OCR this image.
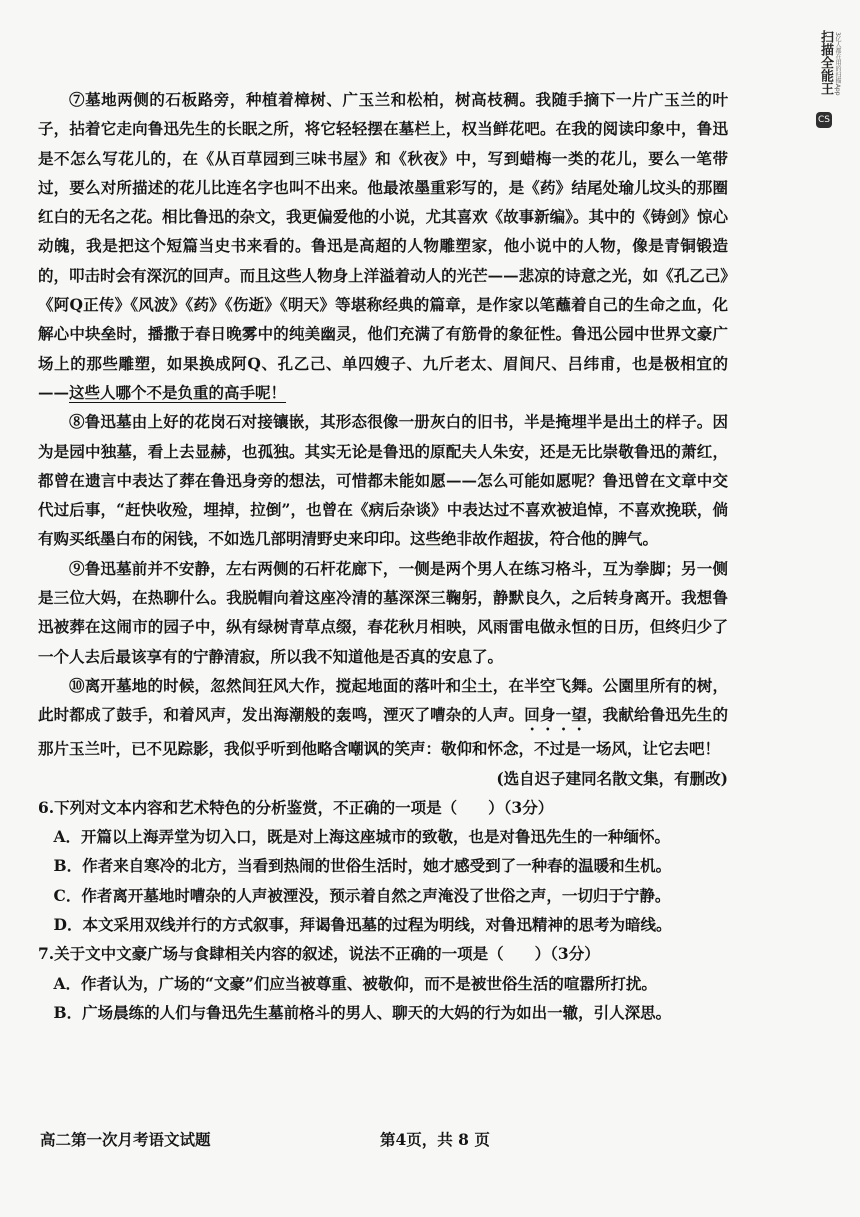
扫描全能王 3亿人都在用的扫描App
CS

⑦墓地两侧的石板路旁，种植着樟树、广玉兰和松柏，树高枝稠。我随手摘下一片广玉兰的叶子，拈着它走向鲁迅先生的长眠之所，将它轻轻摆在墓栏上，权当鲜花吧。在我的阅读印象中，鲁迅是不怎么写花儿的，在《从百草园到三味书屋》和《秋夜》中，写到蜡梅一类的花儿，要么一笔带过，要么对所描述的花儿比连名字也叫不出来。他最浓墨重彩写的，是《药》结尾处瑜儿坟头的那圈红白的无名之花。相比鲁迅的杂文，我更偏爱他的小说，尤其喜欢《故事新编》。其中的《铸剑》惊心动魄，我是把这个短篇当史书来看的。鲁迅是高超的人物雕塑家，他小说中的人物，像是青铜锻造的，叩击时会有深沉的回声。而且这些人物身上洋溢着动人的光芒——悲凉的诗意之光，如《孔乙己》《阿Q正传》《风波》《药》《伤逝》《明天》等堪称经典的篇章，是作家以笔蘸着自己的生命之血，化解心中块垒时，播撒于春日晚雾中的纯美幽灵，他们充满了有筋骨的象征性。鲁迅公园中世界文豪广场上的那些雕塑，如果换成阿Q、孔乙己、单四嫂子、九斤老太、眉间尺、吕纬甫，也是极相宜的——这些人哪个不是负重的高手呢！

⑧鲁迅墓由上好的花岗石对接镶嵌，其形态很像一册灰白的旧书，半是掩埋半是出土的样子。因为是园中独墓，看上去显赫，也孤独。其实无论是鲁迅的原配夫人朱安，还是无比崇敬鲁迅的萧红，都曾在遗言中表达了葬在鲁迅身旁的想法，可惜都未能如愿——怎么可能如愿呢？鲁迅曾在文章中交代过后事，“赶快收殓，埋掉，拉倒”，也曾在《病后杂谈》中表达过不喜欢被追悼，不喜欢挽联，倘有购买纸墨白布的闲钱，不如选几部明清野史来印印。这些绝非故作超拔，符合他的脾气。

⑨鲁迅墓前并不安静，左右两侧的石杆花廊下，一侧是两个男人在练习格斗，互为拳脚；另一侧是三位大妈，在热聊什么。我脱帽向着这座冷清的墓深深三鞠躬，静默良久，之后转身离开。我想鲁迅被葬在这闹市的园子中，纵有绿树青草点缀，春花秋月相映，风雨雷电做永恒的日历，但终归少了一个人去后最该享有的宁静清寂，所以我不知道他是否真的安息了。

⑩离开墓地的时候，忽然间狂风大作，搅起地面的落叶和尘土，在半空飞舞。公園里所有的树，此时都成了鼓手，和着风声，发出海潮般的轰鸣，湮灭了嘈杂的人声。回身一望，我献给鲁迅先生的那片玉兰叶，已不见踪影，我似乎听到他略含嘲讽的笑声：敬仰和怀念，不过是一场风，让它去吧！

(选自迟子建同名散文集，有删改)

6.下列对文本内容和艺术特色的分析鉴赏，不正确的一项是（　　）（3分）

A．开篇以上海弄堂为切入口，既是对上海这座城市的致敬，也是对鲁迅先生的一种缅怀。

B．作者来自寒冷的北方，当看到热闹的世俗生活时，她才感受到了一种春的温暖和生机。

C．作者离开墓地时嘈杂的人声被湮没，预示着自然之声淹没了世俗之声，一切归于宁静。

D．本文采用双线并行的方式叙事，拜谒鲁迅墓的过程为明线，对鲁迅精神的思考为暗线。

7.关于文中文豪广场与食肆相关内容的叙述，说法不正确的一项是（　　）（3分）

A．作者认为，广场的“文豪”们应当被尊重、被敬仰，而不是被世俗生活的喧嚣所打扰。

B．广场晨练的人们与鲁迅先生墓前格斗的男人、聊天的大妈的行为如出一辙，引人深思。

高二第一次月考语文试题	第4页，共 8 页
